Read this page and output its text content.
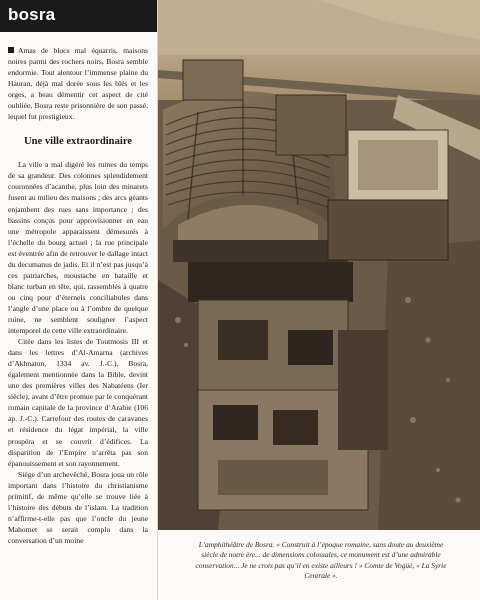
bosra

Amas de blocs mal équarris, maisons noires parmi des rochers noirs, Bosra semble endormie. Tout alentour l’immense plaine du Hauran, déjà mal dorée sous les blés et les orges, a beau démentir cet aspect de cité oubliée, Bosra reste prisonnière de son passé, lequel fut prestigieux.

Une ville extraordinaire

La ville a mal digéré les ruines du temps de sa grandeur. Des colonnes splendidement couronnées d’acanthe, plus loin des minarets fusent au milieu des maisons ; des arcs géants enjambent des rues sans importance ; des bassins conçus pour approvisionner en eau une métropole apparaissent démesurés à l’échelle du bourg actuel ; la rue principale est éventrée afin de retrouver le dallage intact du decumanus de jadis. Et il n’est pas jusqu’à ces patriarches, moustache en bataille et blanc turban en tête, qui, rassemblés à quatre ou cinq pour d’éternels conciliabules dans l’angle d’une place ou à l’ombre de quelque ruine, ne semblent souligner l’aspect intemporel de cette ville extraordinaire.

Citée dans les listes de Toutmosis III et dans les lettres d’Al-Amarna (archives d’Akhnaton, 1334 av. J.-C.), Bosra, également mentionnée dans la Bible, devint une des premières villes des Nabatéens (Ier siècle), avant d’être promue par le conquérant romain capitale de la province d’Arabie (106 ap. J.-C.). Carrefour des routes de caravanes et résidence du légat impérial, la ville prospéra et se couvrit d’édifices. La disparition de l’Empire n’arrêta pas son épanouissement et son rayonnement.

Siège d’un archevêché, Bosra joua un rôle important dans l’histoire du christianisme primitif, de même qu’elle se trouve liée à l’histoire des débuts de l’islam. La tradition n’affirme-t-elle pas que l’oncle du jeune Mahomet se serait complu dans la conversation d’un moine	L’amphithéâtre de Bosra. « Construit à l’époque romaine, sans doute au deuxième siècle de notre ère... de dimensions colossales, ce monument est d’une admirable conservation... Je ne crois pas qu’il en existe ailleurs ! » Comte de Vogüé, « La Syrie Centrale ».
